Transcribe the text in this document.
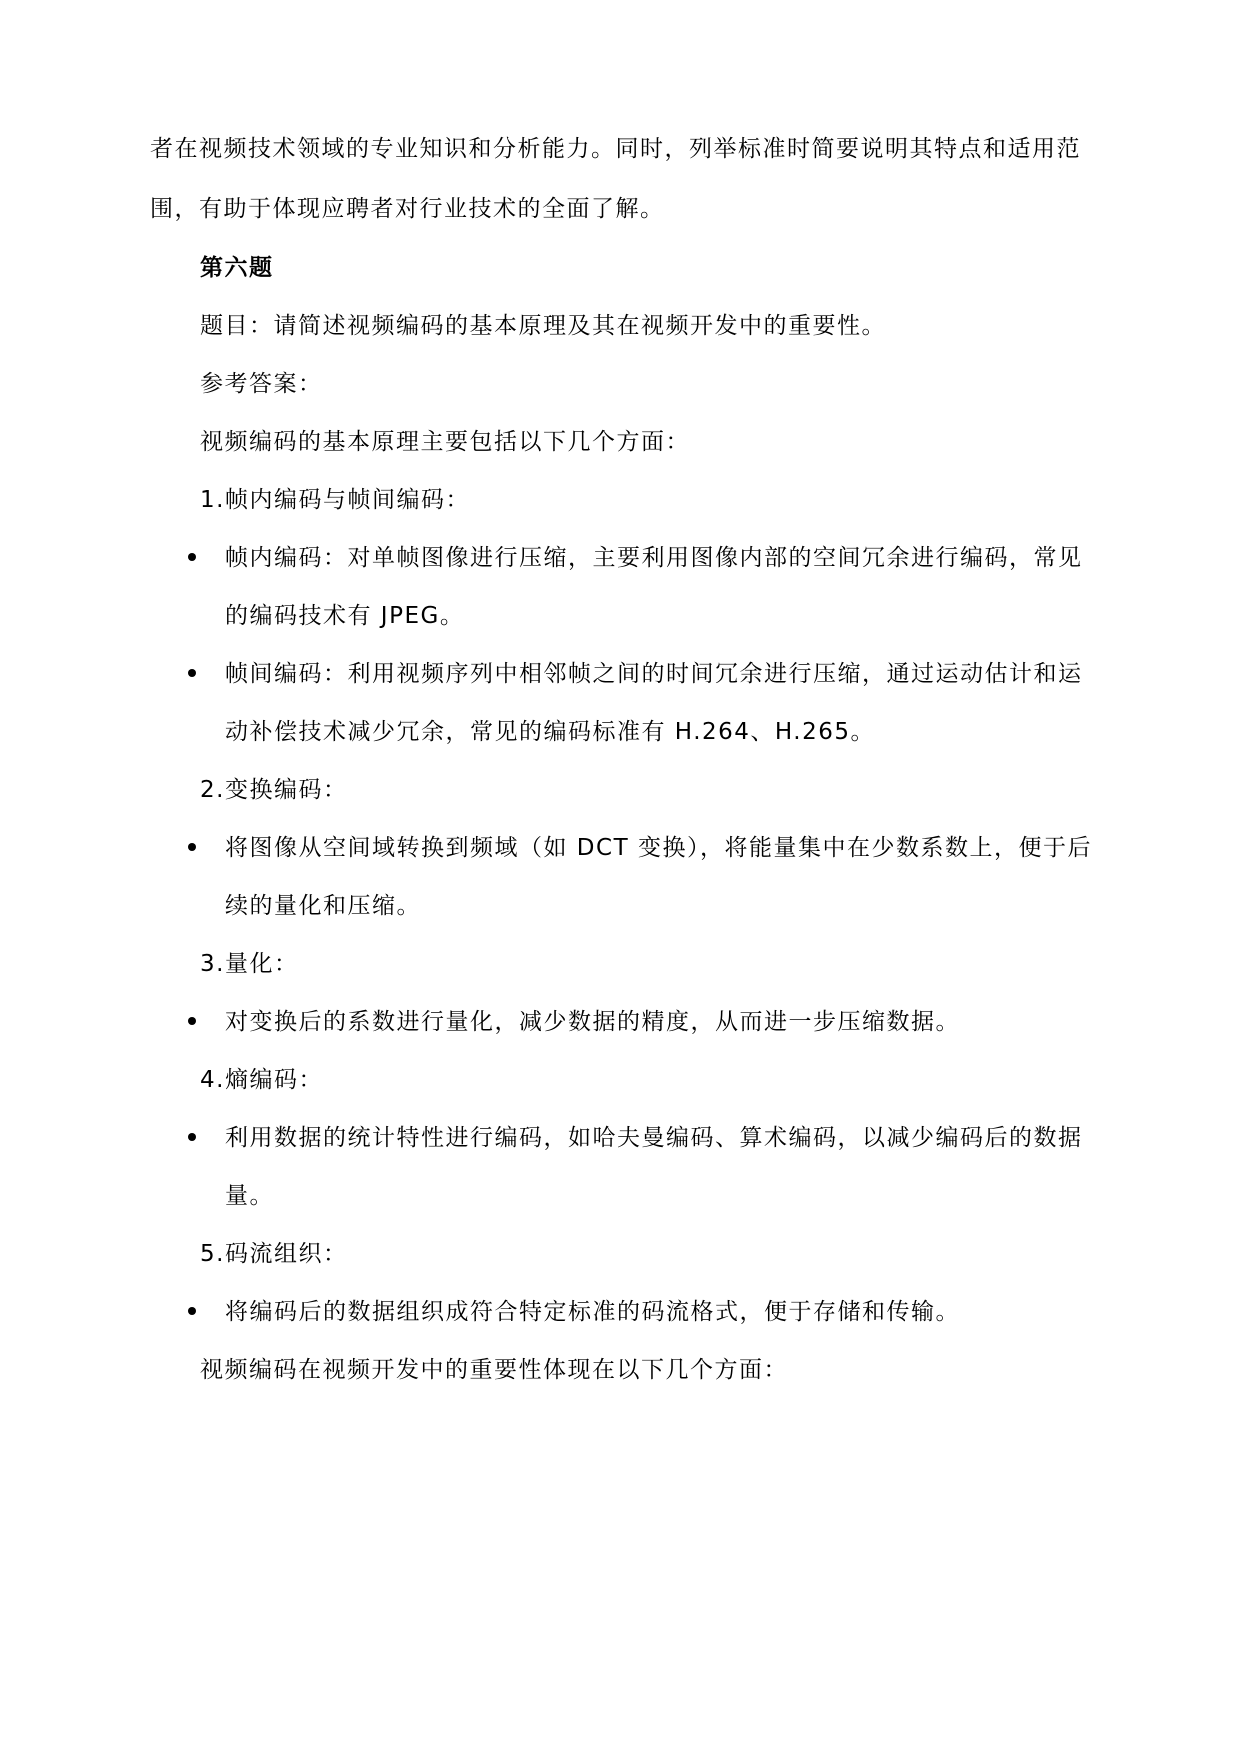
者在视频技术领域的专业知识和分析能力。同时，列举标准时简要说明其特点和适用范
围，有助于体现应聘者对行业技术的全面了解。
第六题
题目：请简述视频编码的基本原理及其在视频开发中的重要性。
参考答案：
视频编码的基本原理主要包括以下几个方面：
1.帧内编码与帧间编码：
帧内编码：对单帧图像进行压缩，主要利用图像内部的空间冗余进行编码，常见
的编码技术有 JPEG。
帧间编码：利用视频序列中相邻帧之间的时间冗余进行压缩，通过运动估计和运
动补偿技术减少冗余，常见的编码标准有 H.264、H.265。
2.变换编码：
将图像从空间域转换到频域（如 DCT 变换），将能量集中在少数系数上，便于后
续的量化和压缩。
3.量化：
对变换后的系数进行量化，减少数据的精度，从而进一步压缩数据。
4.熵编码：
利用数据的统计特性进行编码，如哈夫曼编码、算术编码，以减少编码后的数据
量。
5.码流组织：
将编码后的数据组织成符合特定标准的码流格式，便于存储和传输。
视频编码在视频开发中的重要性体现在以下几个方面：
